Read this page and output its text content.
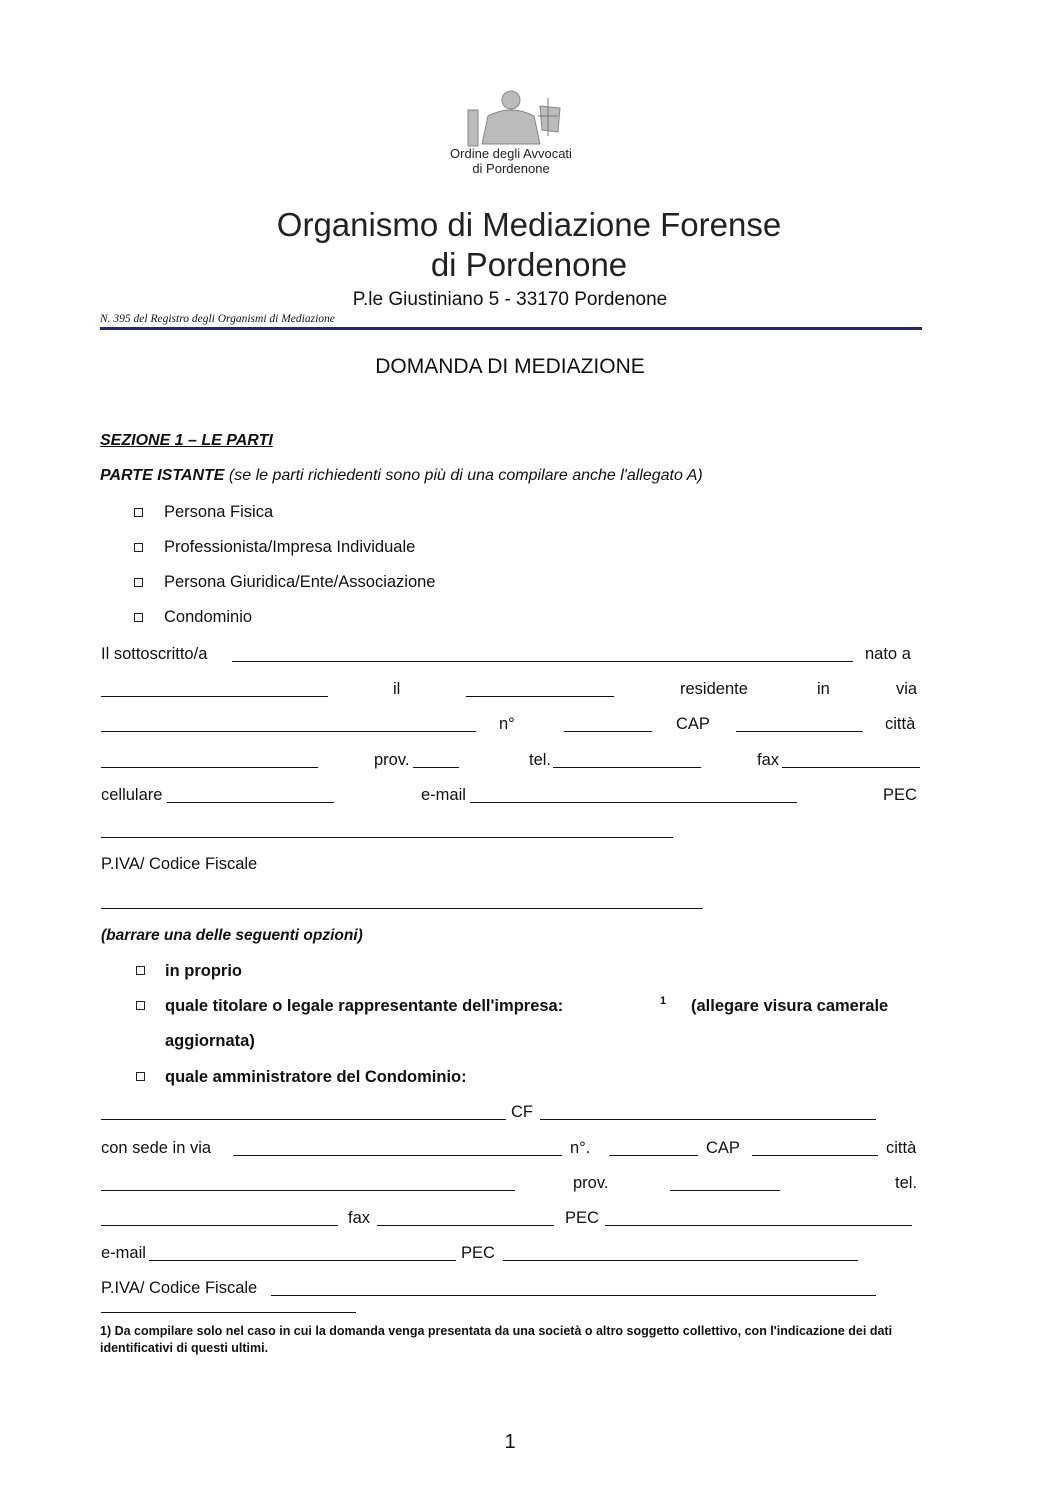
Ordine degli Avvocati
di Pordenone
Organismo di Mediazione Forense
di Pordenone
P.le Giustiniano 5 - 33170 Pordenone
N. 395 del Registro degli Organismi di Mediazione
DOMANDA DI MEDIAZIONE
SEZIONE 1 – LE PARTI
PARTE ISTANTE (se le parti richiedenti sono più di una compilare anche l'allegato A)
Persona Fisica
Professionista/Impresa Individuale
Persona Giuridica/Ente/Associazione
Condominio
Il sottoscritto/a	nato a
il	residente	in	via
n°	CAP	città
prov.	tel.	fax
cellulare	e-mail	PEC
P.IVA/ Codice Fiscale
(barrare una delle seguenti opzioni)
in proprio
quale titolare o legale rappresentante dell'impresa:	1 (allegare visura camerale
aggiornata)
quale amministratore del Condominio:
CF
con sede in via	n°.	CAP	città
prov.	tel.
fax	PEC
e-mail	PEC
P.IVA/ Codice Fiscale
1) Da compilare solo nel caso in cui la domanda venga presentata da una società o altro soggetto collettivo, con l'indicazione dei dati identificativi di questi ultimi.
1
